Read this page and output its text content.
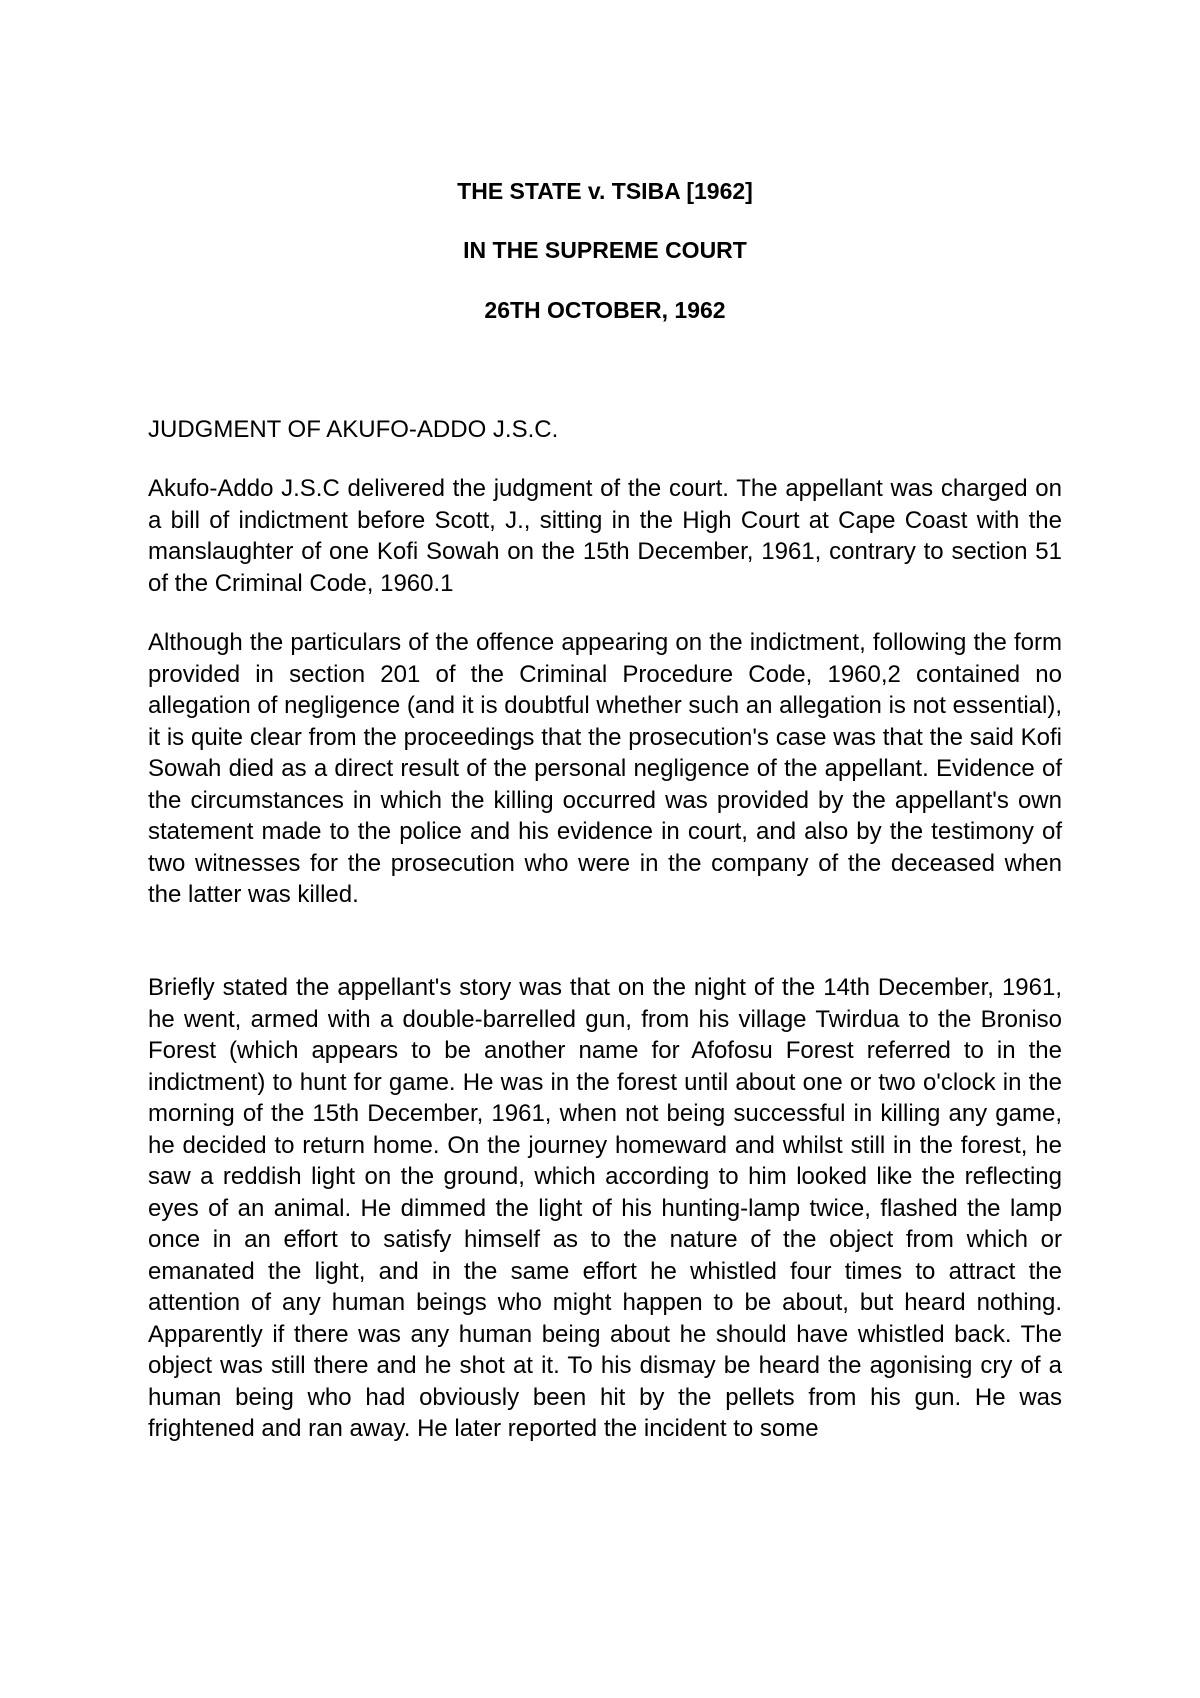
THE STATE v. TSIBA [1962]
IN THE SUPREME COURT
26TH OCTOBER, 1962

JUDGMENT OF AKUFO-ADDO J.S.C.

Akufo-Addo J.S.C delivered the judgment of the court. The appellant was charged on a bill of indictment before Scott, J., sitting in the High Court at Cape Coast with the manslaughter of one Kofi Sowah on the 15th December, 1961, contrary to section 51 of the Criminal Code, 1960.1

Although the particulars of the offence appearing on the indictment, following the form provided in section 201 of the Criminal Procedure Code, 1960,2 contained no allegation of negligence (and it is doubtful whether such an allegation is not essential), it is quite clear from the proceedings that the prosecution's case was that the said Kofi Sowah died as a direct result of the personal negligence of the appellant. Evidence of the circumstances in which the killing occurred was provided by the appellant's own statement made to the police and his evidence in court, and also by the testimony of two witnesses for the prosecution who were in the company of the deceased when the latter was killed.

Briefly stated the appellant's story was that on the night of the 14th December, 1961, he went, armed with a double-barrelled gun, from his village Twirdua to the Broniso Forest (which appears to be another name for Afofosu Forest referred to in the indictment) to hunt for game. He was in the forest until about one or two o'clock in the morning of the 15th December, 1961, when not being successful in killing any game, he decided to return home. On the journey homeward and whilst still in the forest, he saw a reddish light on the ground, which according to him looked like the reflecting eyes of an animal. He dimmed the light of his hunting-lamp twice, flashed the lamp once in an effort to satisfy himself as to the nature of the object from which or emanated the light, and in the same effort he whistled four times to attract the attention of any human beings who might happen to be about, but heard nothing. Apparently if there was any human being about he should have whistled back. The object was still there and he shot at it. To his dismay be heard the agonising cry of a human being who had obviously been hit by the pellets from his gun. He was frightened and ran away. He later reported the incident to some
